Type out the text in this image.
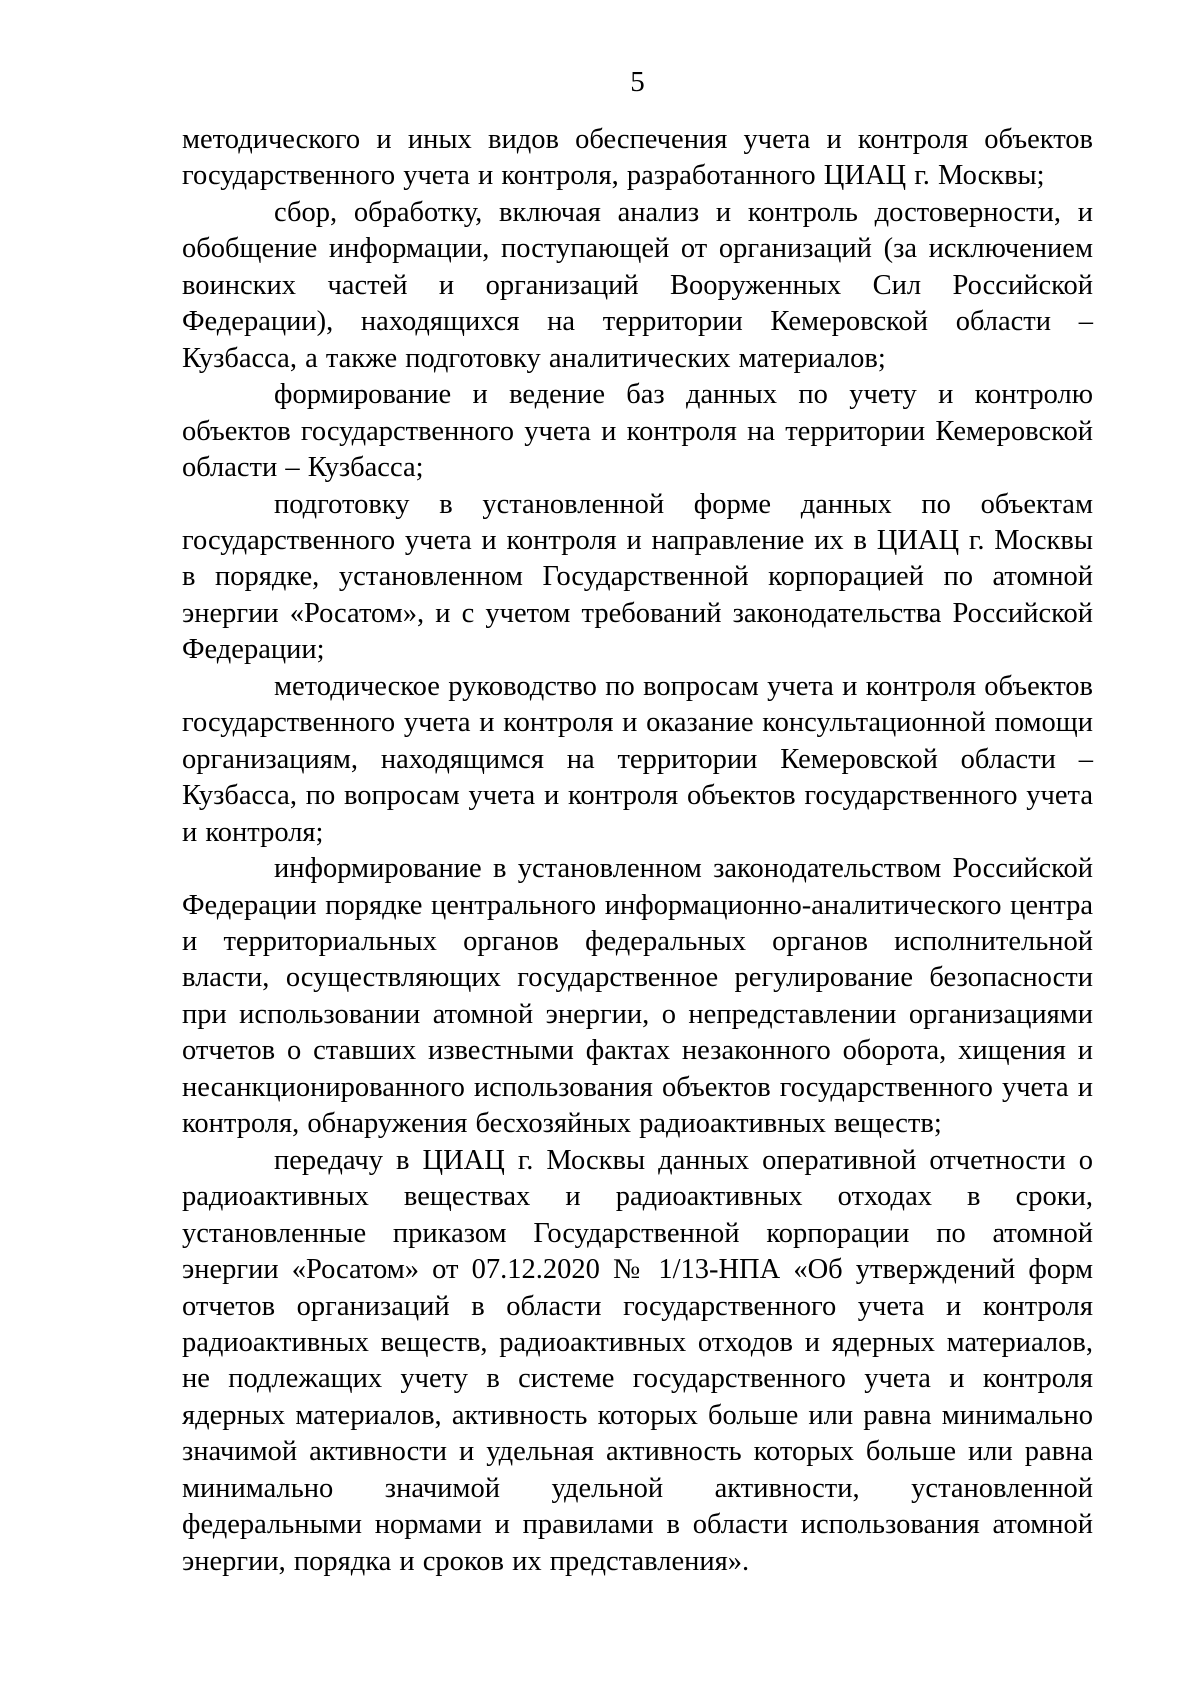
5

методического и иных видов обеспечения учета и контроля объектов государственного учета и контроля, разработанного ЦИАЦ г. Москвы;

сбор, обработку, включая анализ и контроль достоверности, и обобщение информации, поступающей от организаций (за исключением воинских частей и организаций Вооруженных Сил Российской Федерации), находящихся на территории Кемеровской области – Кузбасса, а также подготовку аналитических материалов;

формирование и ведение баз данных по учету и контролю объектов государственного учета и контроля на территории Кемеровской области – Кузбасса;

подготовку в установленной форме данных по объектам государственного учета и контроля и направление их в ЦИАЦ г. Москвы в порядке, установленном Государственной корпорацией по атомной энергии «Росатом», и с учетом требований законодательства Российской Федерации;

методическое руководство по вопросам учета и контроля объектов государственного учета и контроля и оказание консультационной помощи организациям, находящимся на территории Кемеровской области – Кузбасса, по вопросам учета и контроля объектов государственного учета и контроля;

информирование в установленном законодательством Российской Федерации порядке центрального информационно-аналитического центра и территориальных органов федеральных органов исполнительной власти, осуществляющих государственное регулирование безопасности при использовании атомной энергии, о непредставлении организациями отчетов о ставших известными фактах незаконного оборота, хищения и несанкционированного использования объектов государственного учета и контроля, обнаружения бесхозяйных радиоактивных веществ;

передачу в ЦИАЦ г. Москвы данных оперативной отчетности о радиоактивных веществах и радиоактивных отходах в сроки, установленные приказом Государственной корпорации по атомной энергии «Росатом» от 07.12.2020 № 1/13-НПА «Об утверждений форм отчетов организаций в области государственного учета и контроля радиоактивных веществ, радиоактивных отходов и ядерных материалов, не подлежащих учету в системе государственного учета и контроля ядерных материалов, активность которых больше или равна минимально значимой активности и удельная активность которых больше или равна минимально значимой удельной активности, установленной федеральными нормами и правилами в области использования атомной энергии, порядка и сроков их представления».
